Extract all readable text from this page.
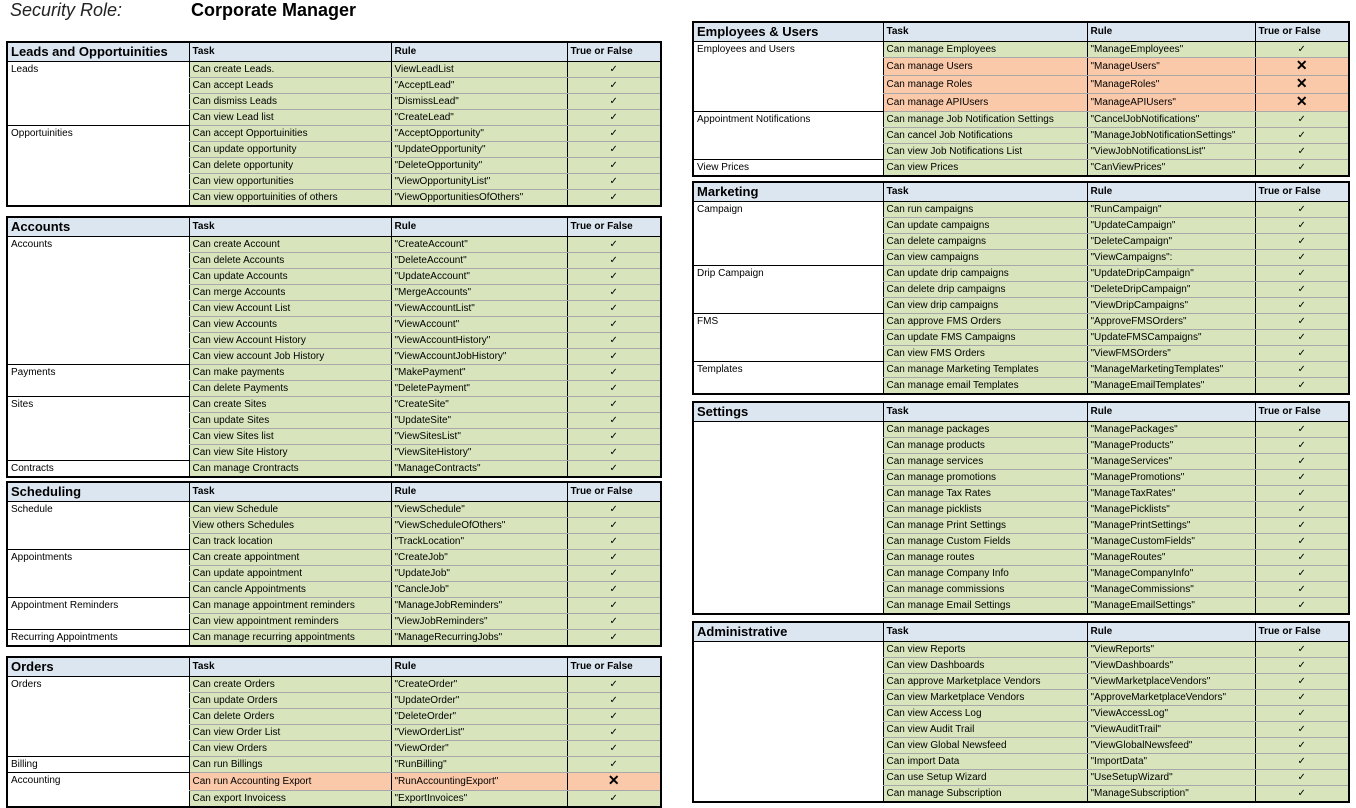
Security Role:	Corporate Manager
Leads and Opportuinities	Task	Rule	True or False
Leads	Can create Leads.	ViewLeadList	✓
	Can accept Leads	"AcceptLead"	✓
	Can dismiss Leads	"DismissLead"	✓
	Can view Lead list	"CreateLead"	✓
Opportuinities	Can accept Opportuinities	"AcceptOpportunity"	✓
	Can update opportunity	"UpdateOpportunity"	✓
	Can delete opportunity	"DeleteOpportunity"	✓
	Can view opportunities	"ViewOpportunityList"	✓
	Can view opportuinities of others	"ViewOpportunitiesOfOthers"	✓
Accounts	Task	Rule	True or False
Accounts	Can create Account	"CreateAccount"	✓
	Can delete Accounts	"DeleteAccount"	✓
	Can update Accounts	"UpdateAccount"	✓
	Can merge Accounts	"MergeAccounts"	✓
	Can view Account List	"ViewAccountList"	✓
	Can view Accounts	"ViewAccount"	✓
	Can view Account History	"ViewAccountHistory"	✓
	Can view account Job History	"ViewAccountJobHistory"	✓
Payments	Can make payments	"MakePayment"	✓
	Can delete Payments	"DeletePayment"	✓
Sites	Can create Sites	"CreateSite"	✓
	Can update Sites	"UpdateSite"	✓
	Can view Sites list	"ViewSitesList"	✓
	Can view Site History	"ViewSiteHistory"	✓
Contracts	Can manage Crontracts	"ManageContracts"	✓
Scheduling	Task	Rule	True or False
Schedule	Can view Schedule	"ViewSchedule"	✓
	View others Schedules	"ViewScheduleOfOthers"	✓
	Can track location	"TrackLocation"	✓
Appointments	Can create appointment	"CreateJob"	✓
	Can update appointment	"UpdateJob"	✓
	Can cancle Appointments	"CancleJob"	✓
Appointment Reminders	Can manage appointment reminders	"ManageJobReminders"	✓
	Can view appointment reminders	"ViewJobReminders"	✓
Recurring Appointments	Can manage recurring appointments	"ManageRecurringJobs"	✓
Orders	Task	Rule	True or False
Orders	Can create Orders	"CreateOrder"	✓
	Can update Orders	"UpdateOrder"	✓
	Can delete Orders	"DeleteOrder"	✓
	Can view Order List	"ViewOrderList"	✓
	Can view Orders	"ViewOrder"	✓
Billing	Can run Billings	"RunBilling"	✓
Accounting	Can run Accounting Export	"RunAccountingExport"	✕
	Can export Invoicess	"ExportInvoices"	✓
Employees & Users	Task	Rule	True or False
Employees and Users	Can manage Employees	"ManageEmployees"	✓
	Can manage Users	"ManageUsers"	✕
	Can manage Roles	"ManageRoles"	✕
	Can manage APIUsers	"ManageAPIUsers"	✕
Appointment Notifications	Can manage Job Notification Settings	"CancelJobNotifications"	✓
	Can cancel Job Notifications	"ManageJobNotificationSettings"	✓
	Can view Job Notifications List	"ViewJobNotificationsList"	✓
View Prices	Can view Prices	"CanViewPrices"	✓
Marketing	Task	Rule	True or False
Campaign	Can run campaigns	"RunCampaign"	✓
	Can update campaigns	"UpdateCampaign"	✓
	Can delete campaigns	"DeleteCampaign"	✓
	Can view campaigns	"ViewCampaigns":	✓
Drip Campaign	Can update drip campaigns	"UpdateDripCampaign"	✓
	Can delete drip campaigns	"DeleteDripCampaign"	✓
	Can view drip campaigns	"ViewDripCampaigns"	✓
FMS	Can approve FMS Orders	"ApproveFMSOrders"	✓
	Can update FMS Campaigns	"UpdateFMSCampaigns"	✓
	Can view FMS Orders	"ViewFMSOrders"	✓
Templates	Can manage Marketing Templates	"ManageMarketingTemplates"	✓
	Can manage email Templates	"ManageEmailTemplates"	✓
Settings	Task	Rule	True or False
	Can manage packages	"ManagePackages"	✓
	Can manage products	"ManageProducts"	✓
	Can manage services	"ManageServices"	✓
	Can manage promotions	"ManagePromotions"	✓
	Can manage Tax Rates	"ManageTaxRates"	✓
	Can manage picklists	"ManagePicklists"	✓
	Can manage Print Settings	"ManagePrintSettings"	✓
	Can manage Custom Fields	"ManageCustomFields"	✓
	Can manage routes	"ManageRoutes"	✓
	Can manage Company Info	"ManageCompanyInfo"	✓
	Can manage commissions	"ManageCommissions"	✓
	Can manage Email Settings	"ManageEmailSettings"	✓
Administrative	Task	Rule	True or False
	Can view Reports	"ViewReports"	✓
	Can view Dashboards	"ViewDashboards"	✓
	Can approve Marketplace Vendors	"ViewMarketplaceVendors"	✓
	Can view Marketplace Vendors	"ApproveMarketplaceVendors"	✓
	Can view Access Log	"ViewAccessLog"	✓
	Can view Audit Trail	"ViewAuditTrail"	✓
	Can view Global Newsfeed	"ViewGlobalNewsfeed"	✓
	Can import Data	"ImportData"	✓
	Can use Setup Wizard	"UseSetupWizard"	✓
	Can manage Subscription	"ManageSubscription"	✓
